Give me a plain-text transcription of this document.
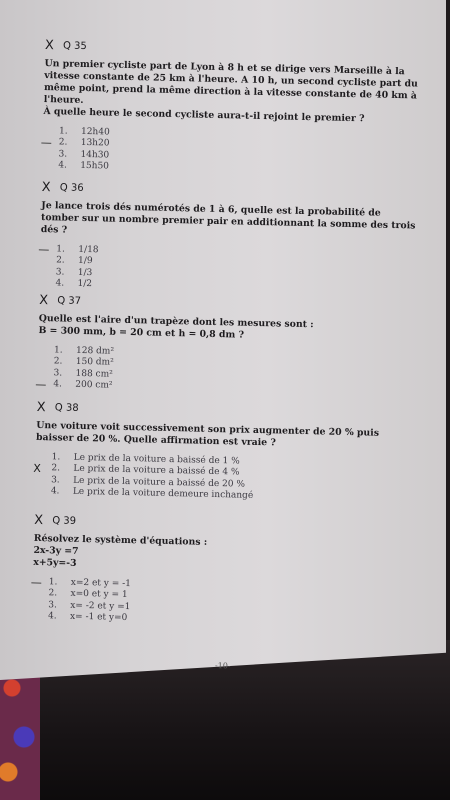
X Q 35
Un premier cycliste part de Lyon à 8 h et se dirige vers Marseille à la vitesse constante de 25 km à l'heure. A 10 h, un second cycliste part du même point, prend la même direction à la vitesse constante de 40 km à l'heure.
À quelle heure le second cycliste aura-t-il rejoint le premier ?
1. 12h40
— 2. 13h20
3. 14h30
4. 15h50
X Q 36
Je lance trois dés numérotés de 1 à 6, quelle est la probabilité de tomber sur un nombre premier pair en additionnant la somme des trois dés ?
— 1. 1/18
2. 1/9
3. 1/3
4. 1/2
X Q 37
Quelle est l'aire d'un trapèze dont les mesures sont :
B = 300 mm, b = 20 cm et h = 0,8 dm ?
1. 128 dm²
2. 150 dm²
3. 188 cm²
— 4. 200 cm²
X Q 38
Une voiture voit successivement son prix augmenter de 20 % puis baisser de 20 %. Quelle affirmation est vraie ?
1. Le prix de la voiture a baissé de 1 %
X 2. Le prix de la voiture a baissé de 4 %
3. Le prix de la voiture a baissé de 20 %
4. Le prix de la voiture demeure inchangé
X Q 39
Résolvez le système d'équations :
2x-3y =7
x+5y=-3
— 1. x=2 et y = -1
2. x=0 et y = 1
3. x= -2 et y =1
4. x= -1 et y=0
-10-
